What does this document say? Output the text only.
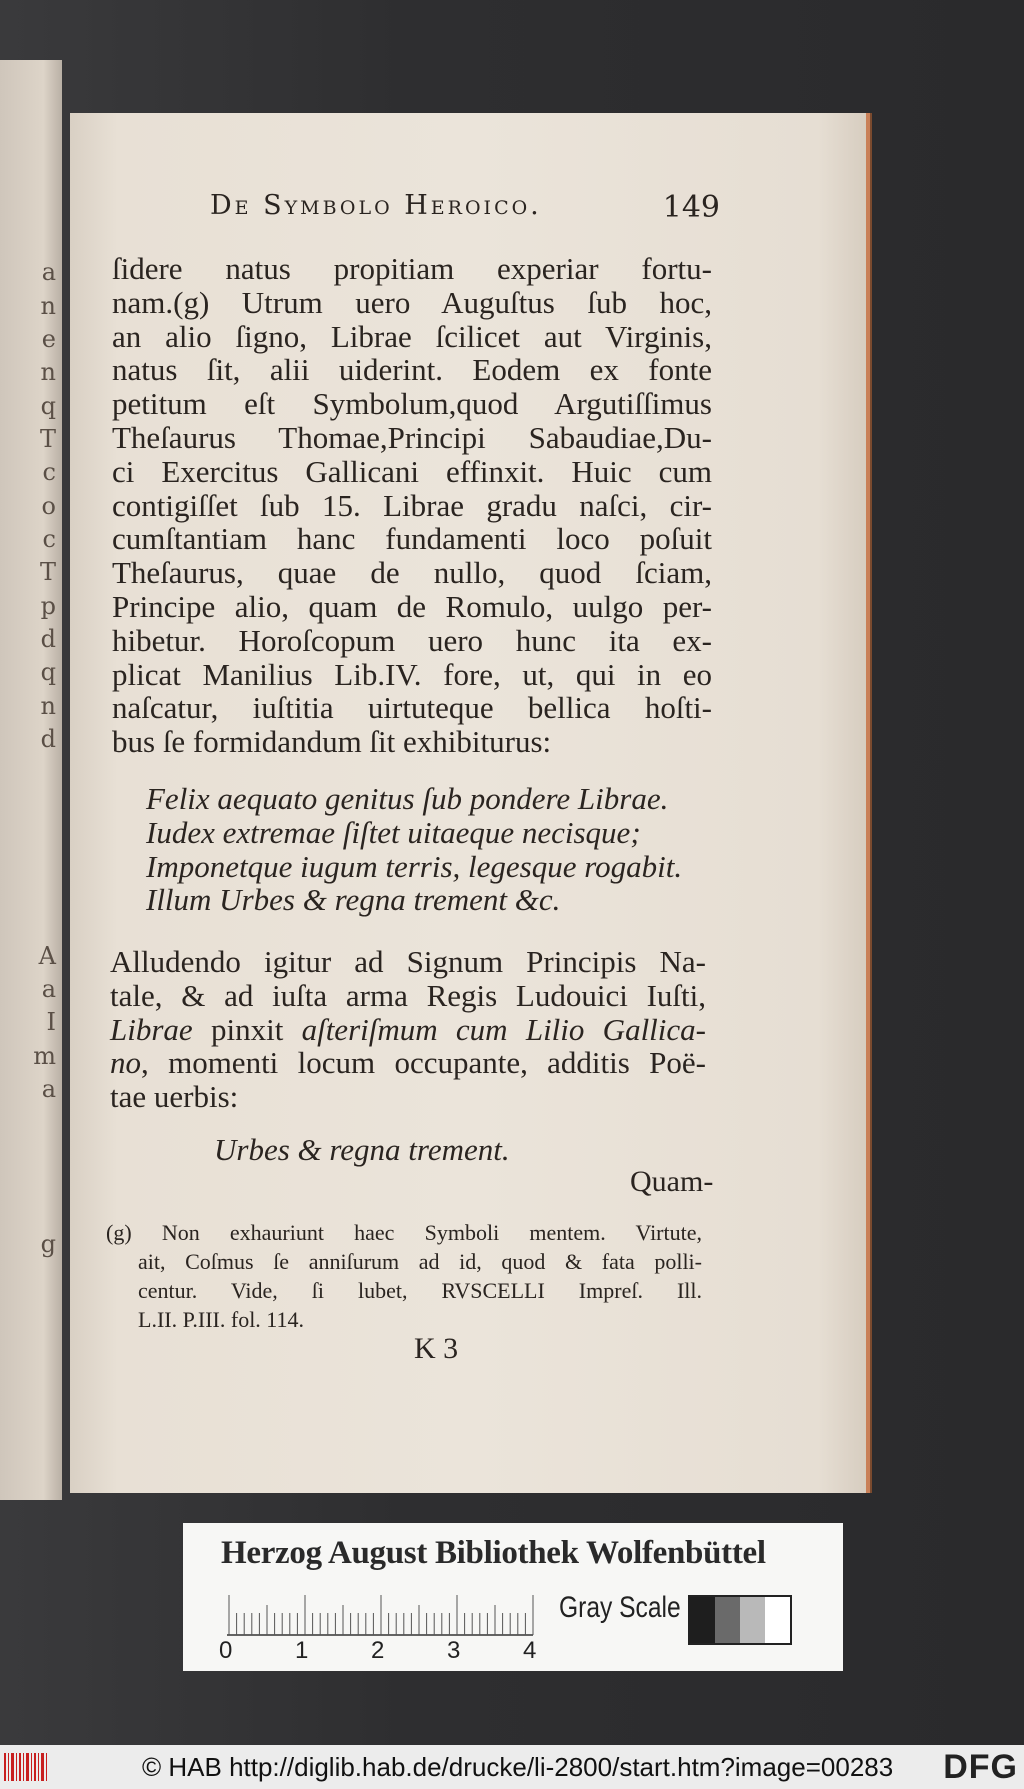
a
n
e
n
q
T
c
o
c
T
p
d
q
n
d
A
a
I
m
a
g
De Symbolo Heroico.	149
ſidere natus propitiam experiar fortu-
nam.(g) Utrum uero Auguſtus ſub hoc,
an alio ſigno, Librae ſcilicet aut Virginis,
natus ſit, alii uiderint. Eodem ex fonte
petitum eſt Symbolum,quod Argutiſſimus
Theſaurus Thomae,Principi Sabaudiae,Du-
ci Exercitus Gallicani effinxit. Huic cum
contigiſſet ſub 15. Librae gradu naſci, cir-
cumſtantiam hanc fundamenti loco poſuit
Theſaurus, quae de nullo, quod ſciam,
Principe alio, quam de Romulo, uulgo per-
hibetur. Horoſcopum uero hunc ita ex-
plicat Manilius Lib.IV. fore, ut, qui in eo
naſcatur, iuſtitia uirtuteque bellica hoſti-
bus ſe formidandum ſit exhibiturus:
Felix aequato genitus ſub pondere Librae.
Iudex extremae ſiſtet uitaeque necisque;
Imponetque iugum terris, legesque rogabit.
Illum Urbes & regna trement &c.
Alludendo igitur ad Signum Principis Na-
tale, & ad iuſta arma Regis Ludouici Iuſti,
Librae pinxit aſteriſmum cum Lilio Gallica-
no, momenti locum occupante, additis Poë-
tae uerbis:
Urbes & regna trement.
Quam-
(g) Non exhauriunt haec Symboli mentem. Virtute,
ait, Coſmus ſe anniſurum ad id, quod & fata polli-
centur. Vide, ſi lubet, RVSCELLI Impreſ. Ill.
L.II. P.III. fol. 114.
K 3
Herzog August Bibliothek Wolfenbüttel
0	1	2	3	4
Gray Scale
© HAB http://diglib.hab.de/drucke/li-2800/start.htm?image=00283 DFG
